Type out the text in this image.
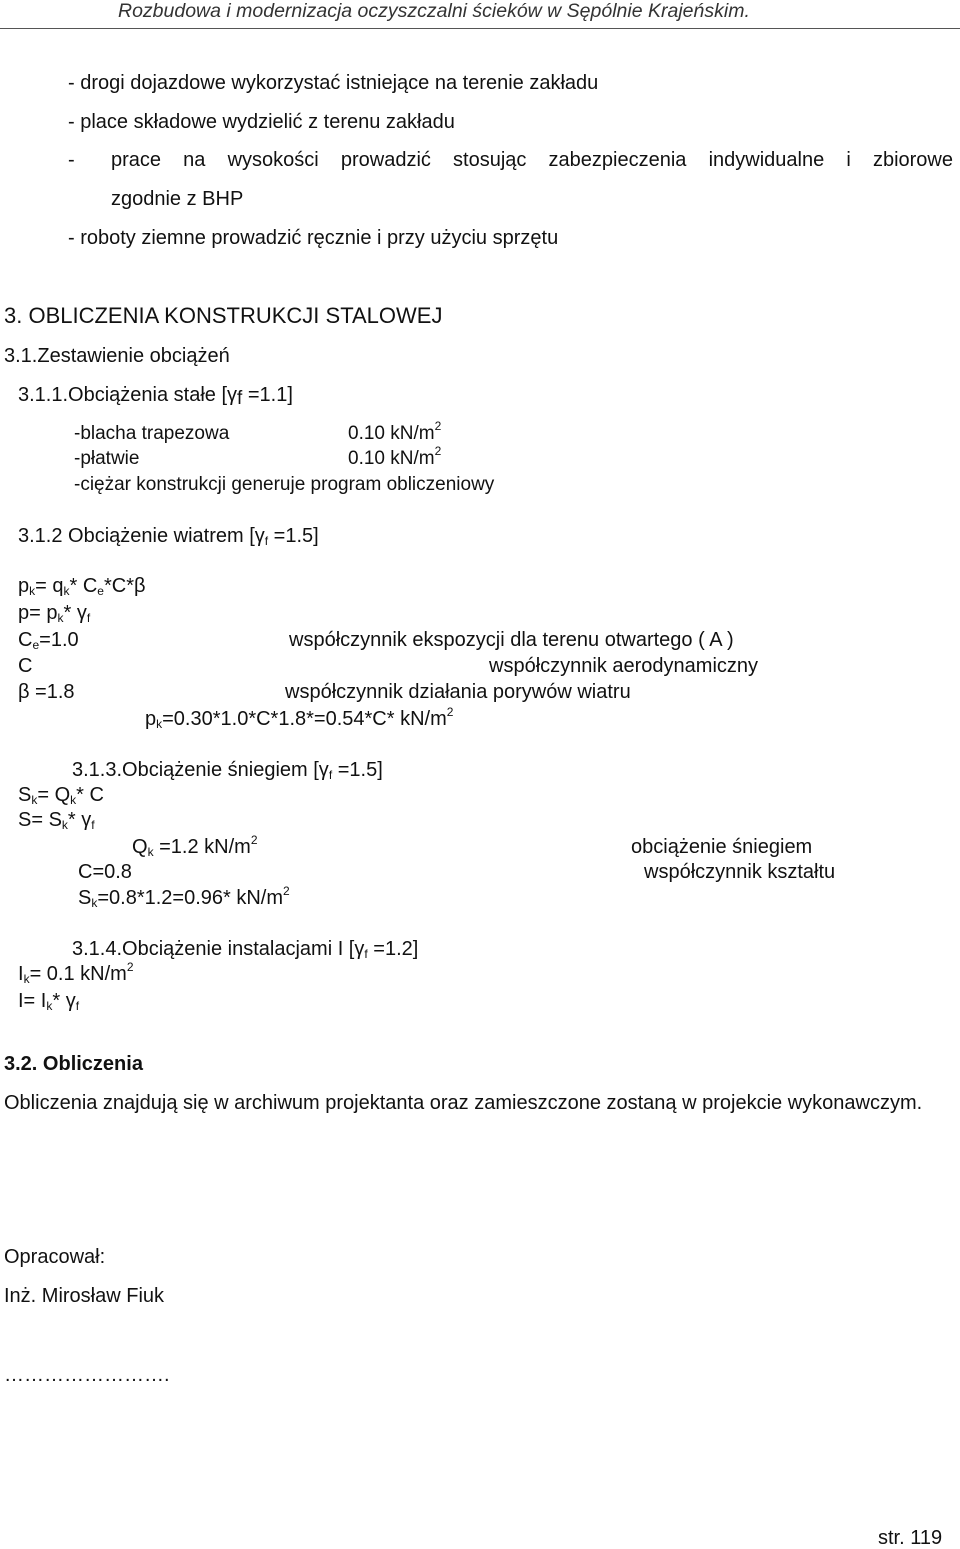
Rozbudowa i modernizacja oczyszczalni ścieków w Sępólnie Krajeńskim.
- drogi dojazdowe wykorzystać istniejące na terenie zakładu
- place składowe wydzielić z terenu zakładu
- prace na wysokości prowadzić stosując zabezpieczenia indywidualne i zbiorowe
zgodnie z BHP
- roboty ziemne prowadzić ręcznie i przy użyciu sprzętu
3. OBLICZENIA KONSTRUKCJI STALOWEJ
3.1.Zestawienie obciążeń
3.1.1.Obciążenia stałe $[\gamma_f =1.1]$
-blacha trapezowa	0.10 $kN/m^2$
-płatwie	0.10 $kN/m^2$
-ciężar konstrukcji generuje program obliczeniowy
3.1.2 Obciążenie wiatrem $[\gamma_f =1.5]$
$p_k= q_k*$ $C_e*C*\beta$
$p= p_k*$ $\gamma_f$
$C_e=1.0$	współczynnik ekspozycji dla terenu otwartego ( A )
C	współczynnik aerodynamiczny
β =1.8	współczynnik działania porywów wiatru
$p_k=0.30*1.0*C*1.8*=0.54*C*$ $kN/m^2$
3.1.3.Obciążenie śniegiem $[\gamma_f =1.5]$
$S_k= Q_k*$ C
$S= S_k*$ $\gamma_f$
$Q_k =1.2$ $kN/m^2$	obciążenie śniegiem
C=0.8	współczynnik kształtu
$S_k=0.8*1.2=0.96*$ $kN/m^2$
3.1.4.Obciążenie instalacjami I $[\gamma_f =1.2]$
$I_k= 0.1$ $kN/m^2$
$I= I_k*$ $\gamma_f$
3.2. Obliczenia
Obliczenia znajdują się w archiwum projektanta oraz zamieszczone zostaną w projekcie wykonawczym.
Opracował:
Inż. Mirosław Fiuk
…………………….
str. 119
